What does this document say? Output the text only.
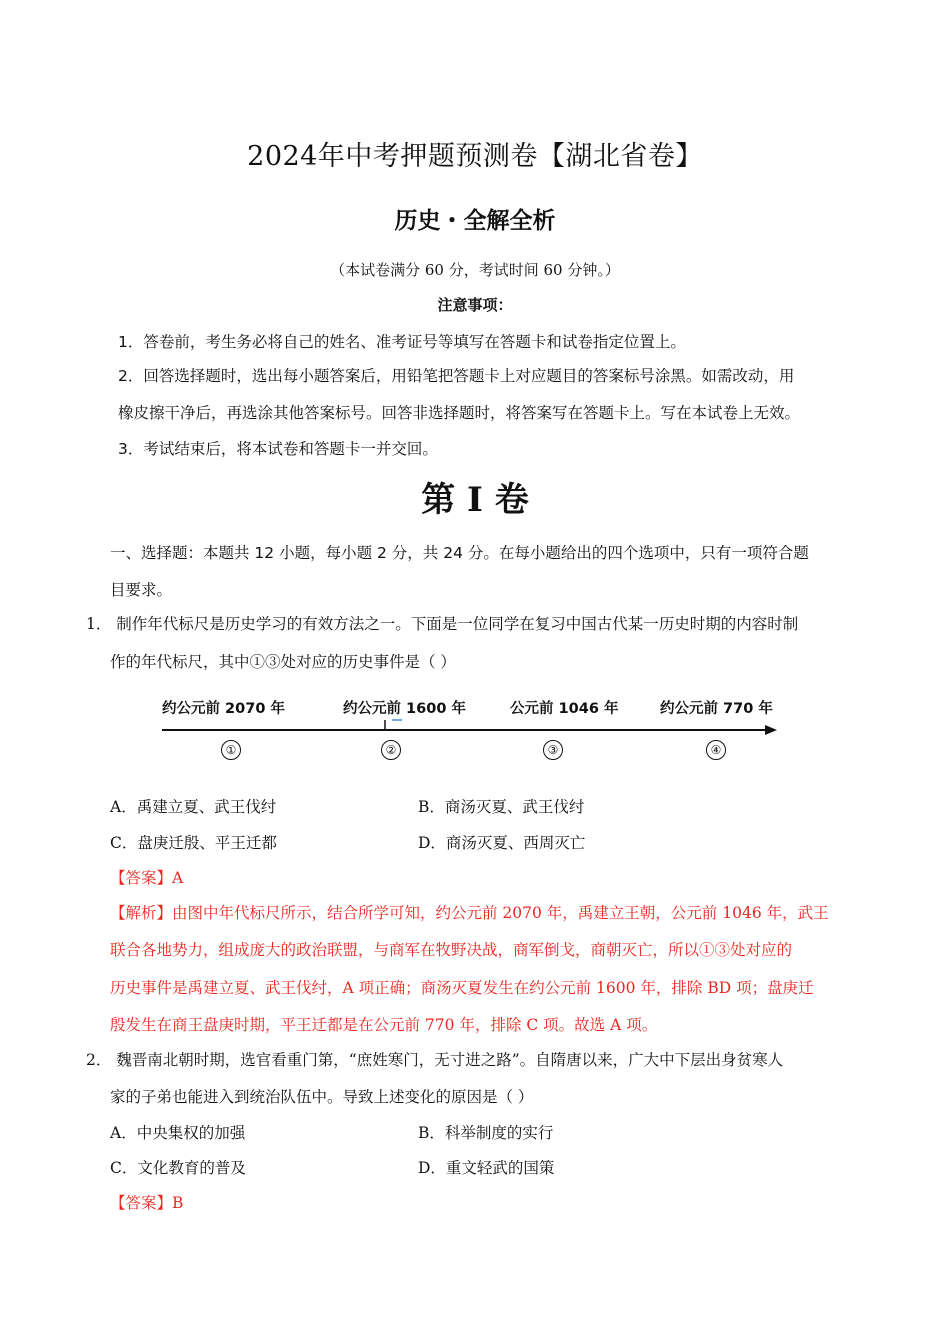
2024年中考押题预测卷【湖北省卷】
历史・全解全析
（本试卷满分 60 分，考试时间 60 分钟。）
注意事项：
1．答卷前，考生务必将自己的姓名、准考证号等填写在答题卡和试卷指定位置上。
2．回答选择题时，选出每小题答案后，用铅笔把答题卡上对应题目的答案标号涂黑。如需改动，用
橡皮擦干净后，再选涂其他答案标号。回答非选择题时，将答案写在答题卡上。写在本试卷上无效。
3．考试结束后，将本试卷和答题卡一并交回。
第 I 卷
一、选择题：本题共 12 小题，每小题 2 分，共 24 分。在每小题给出的四个选项中，只有一项符合题
目要求。
1． 制作年代标尺是历史学习的有效方法之一。下面是一位同学在复习中国古代某一历史时期的内容时制
作的年代标尺，其中①③处对应的历史事件是（ ）
约公元前 2070 年	约公元前 1600 年	公元前 1046 年	约公元前 770 年
①	②	③	④
A．禹建立夏、武王伐纣	B．商汤灭夏、武王伐纣
C．盘庚迁殷、平王迁都	D．商汤灭夏、西周灭亡
【答案】A
【解析】由图中年代标尺所示，结合所学可知，约公元前 2070 年，禹建立王朝，公元前 1046 年，武王
联合各地势力，组成庞大的政治联盟，与商军在牧野决战，商军倒戈，商朝灭亡，所以①③处对应的
历史事件是禹建立夏、武王伐纣，A 项正确；商汤灭夏发生在约公元前 1600 年，排除 BD 项；盘庚迁
殷发生在商王盘庚时期，平王迁都是在公元前 770 年，排除 C 项。故选 A 项。
2． 魏晋南北朝时期，选官看重门第，“庶姓寒门，无寸进之路”。自隋唐以来，广大中下层出身贫寒人
家的子弟也能进入到统治队伍中。导致上述变化的原因是（ ）
A．中央集权的加强	B．科举制度的实行
C．文化教育的普及	D．重文轻武的国策
【答案】B
